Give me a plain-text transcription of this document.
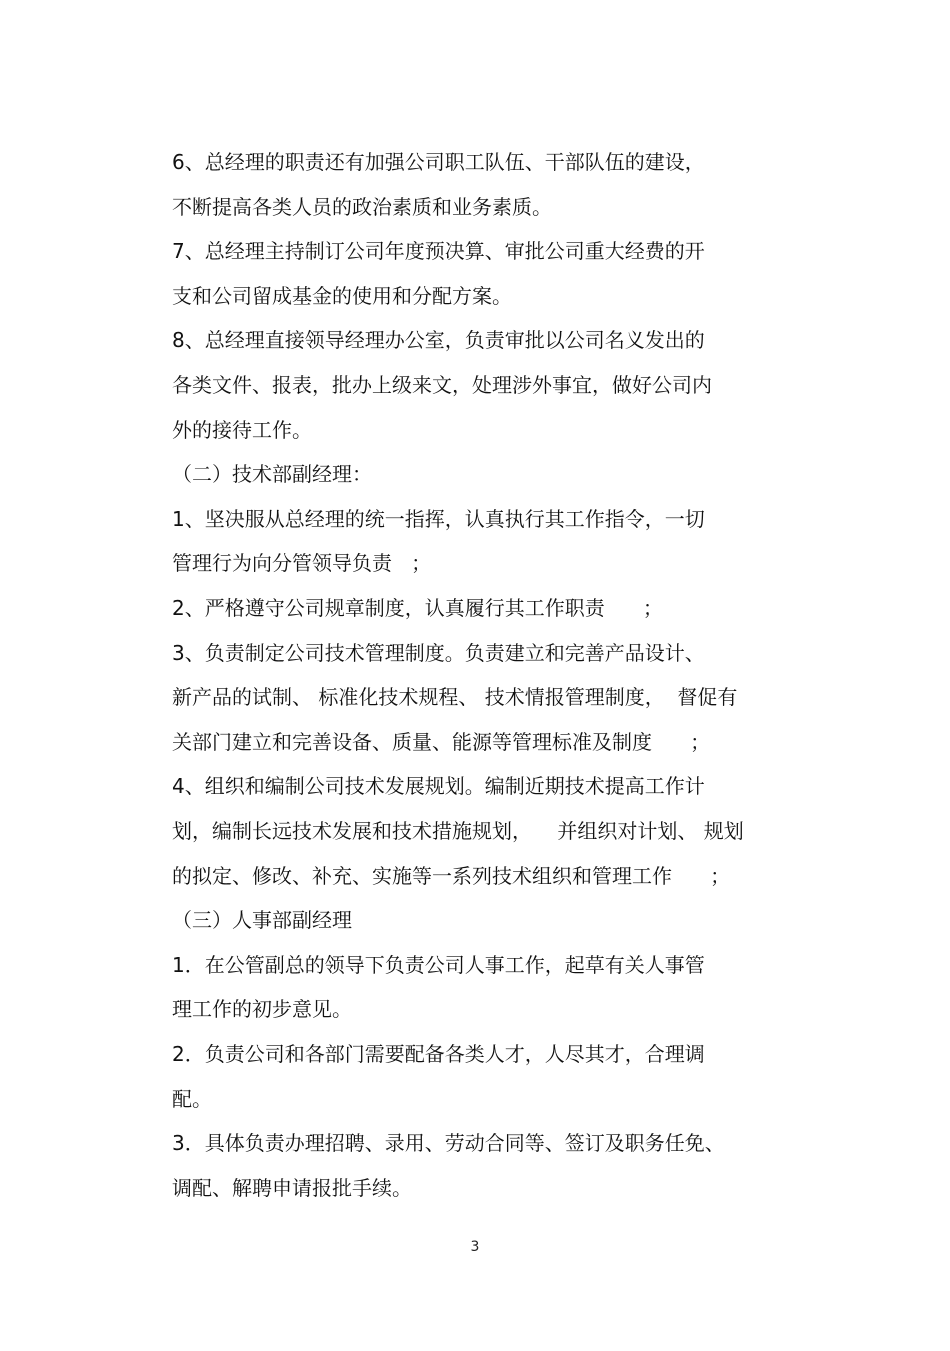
6、总经理的职责还有加强公司职工队伍、干部队伍的建设，

不断提高各类人员的政治素质和业务素质。

7、总经理主持制订公司年度预决算、审批公司重大经费的开

支和公司留成基金的使用和分配方案。

8、总经理直接领导经理办公室，负责审批以公司名义发出的

各类文件、报表，批办上级来文，处理涉外事宜，做好公司内

外的接待工作。

（二）技术部副经理：

1、坚决服从总经理的统一指挥，认真执行其工作指令，一切

管理行为向分管领导负责   ；

2、严格遵守公司规章制度，认真履行其工作职责      ；

3、负责制定公司技术管理制度。负责建立和完善产品设计、

新产品的试制、 标准化技术规程、 技术情报管理制度，  督促有

关部门建立和完善设备、质量、能源等管理标准及制度      ；

4、组织和编制公司技术发展规划。编制近期技术提高工作计

划，编制长远技术发展和技术措施规划，    并组织对计划、 规划

的拟定、修改、补充、实施等一系列技术组织和管理工作      ；

（三）人事部副经理

1．在公管副总的领导下负责公司人事工作，起草有关人事管

理工作的初步意见。

2．负责公司和各部门需要配备各类人才，人尽其才，合理调

配。

3．具体负责办理招聘、录用、劳动合同等、签订及职务任免、

调配、解聘申请报批手续。

3
